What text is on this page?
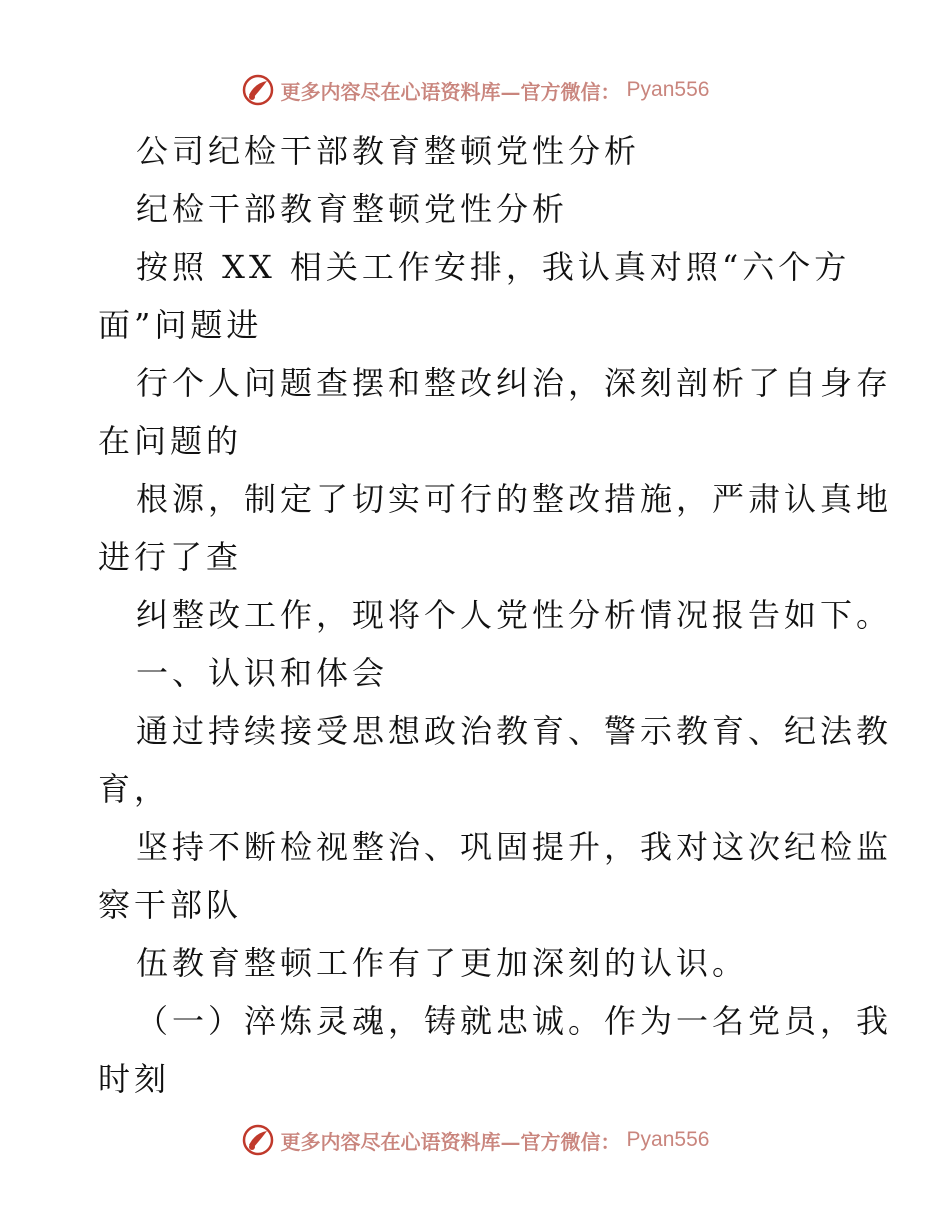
更多内容尽在心语资料库—官方微信： Pyan556
公司纪检干部教育整顿党性分析
纪检干部教育整顿党性分析
按照 XX 相关工作安排，我认真对照“六个方
面”问题进
行个人问题查摆和整改纠治，深刻剖析了自身存
在问题的
根源，制定了切实可行的整改措施，严肃认真地
进行了查
纠整改工作，现将个人党性分析情况报告如下。
一、认识和体会
通过持续接受思想政治教育、警示教育、纪法教
育，
坚持不断检视整治、巩固提升，我对这次纪检监
察干部队
伍教育整顿工作有了更加深刻的认识。
（一）淬炼灵魂，铸就忠诚。作为一名党员，我
时刻
更多内容尽在心语资料库—官方微信： Pyan556
